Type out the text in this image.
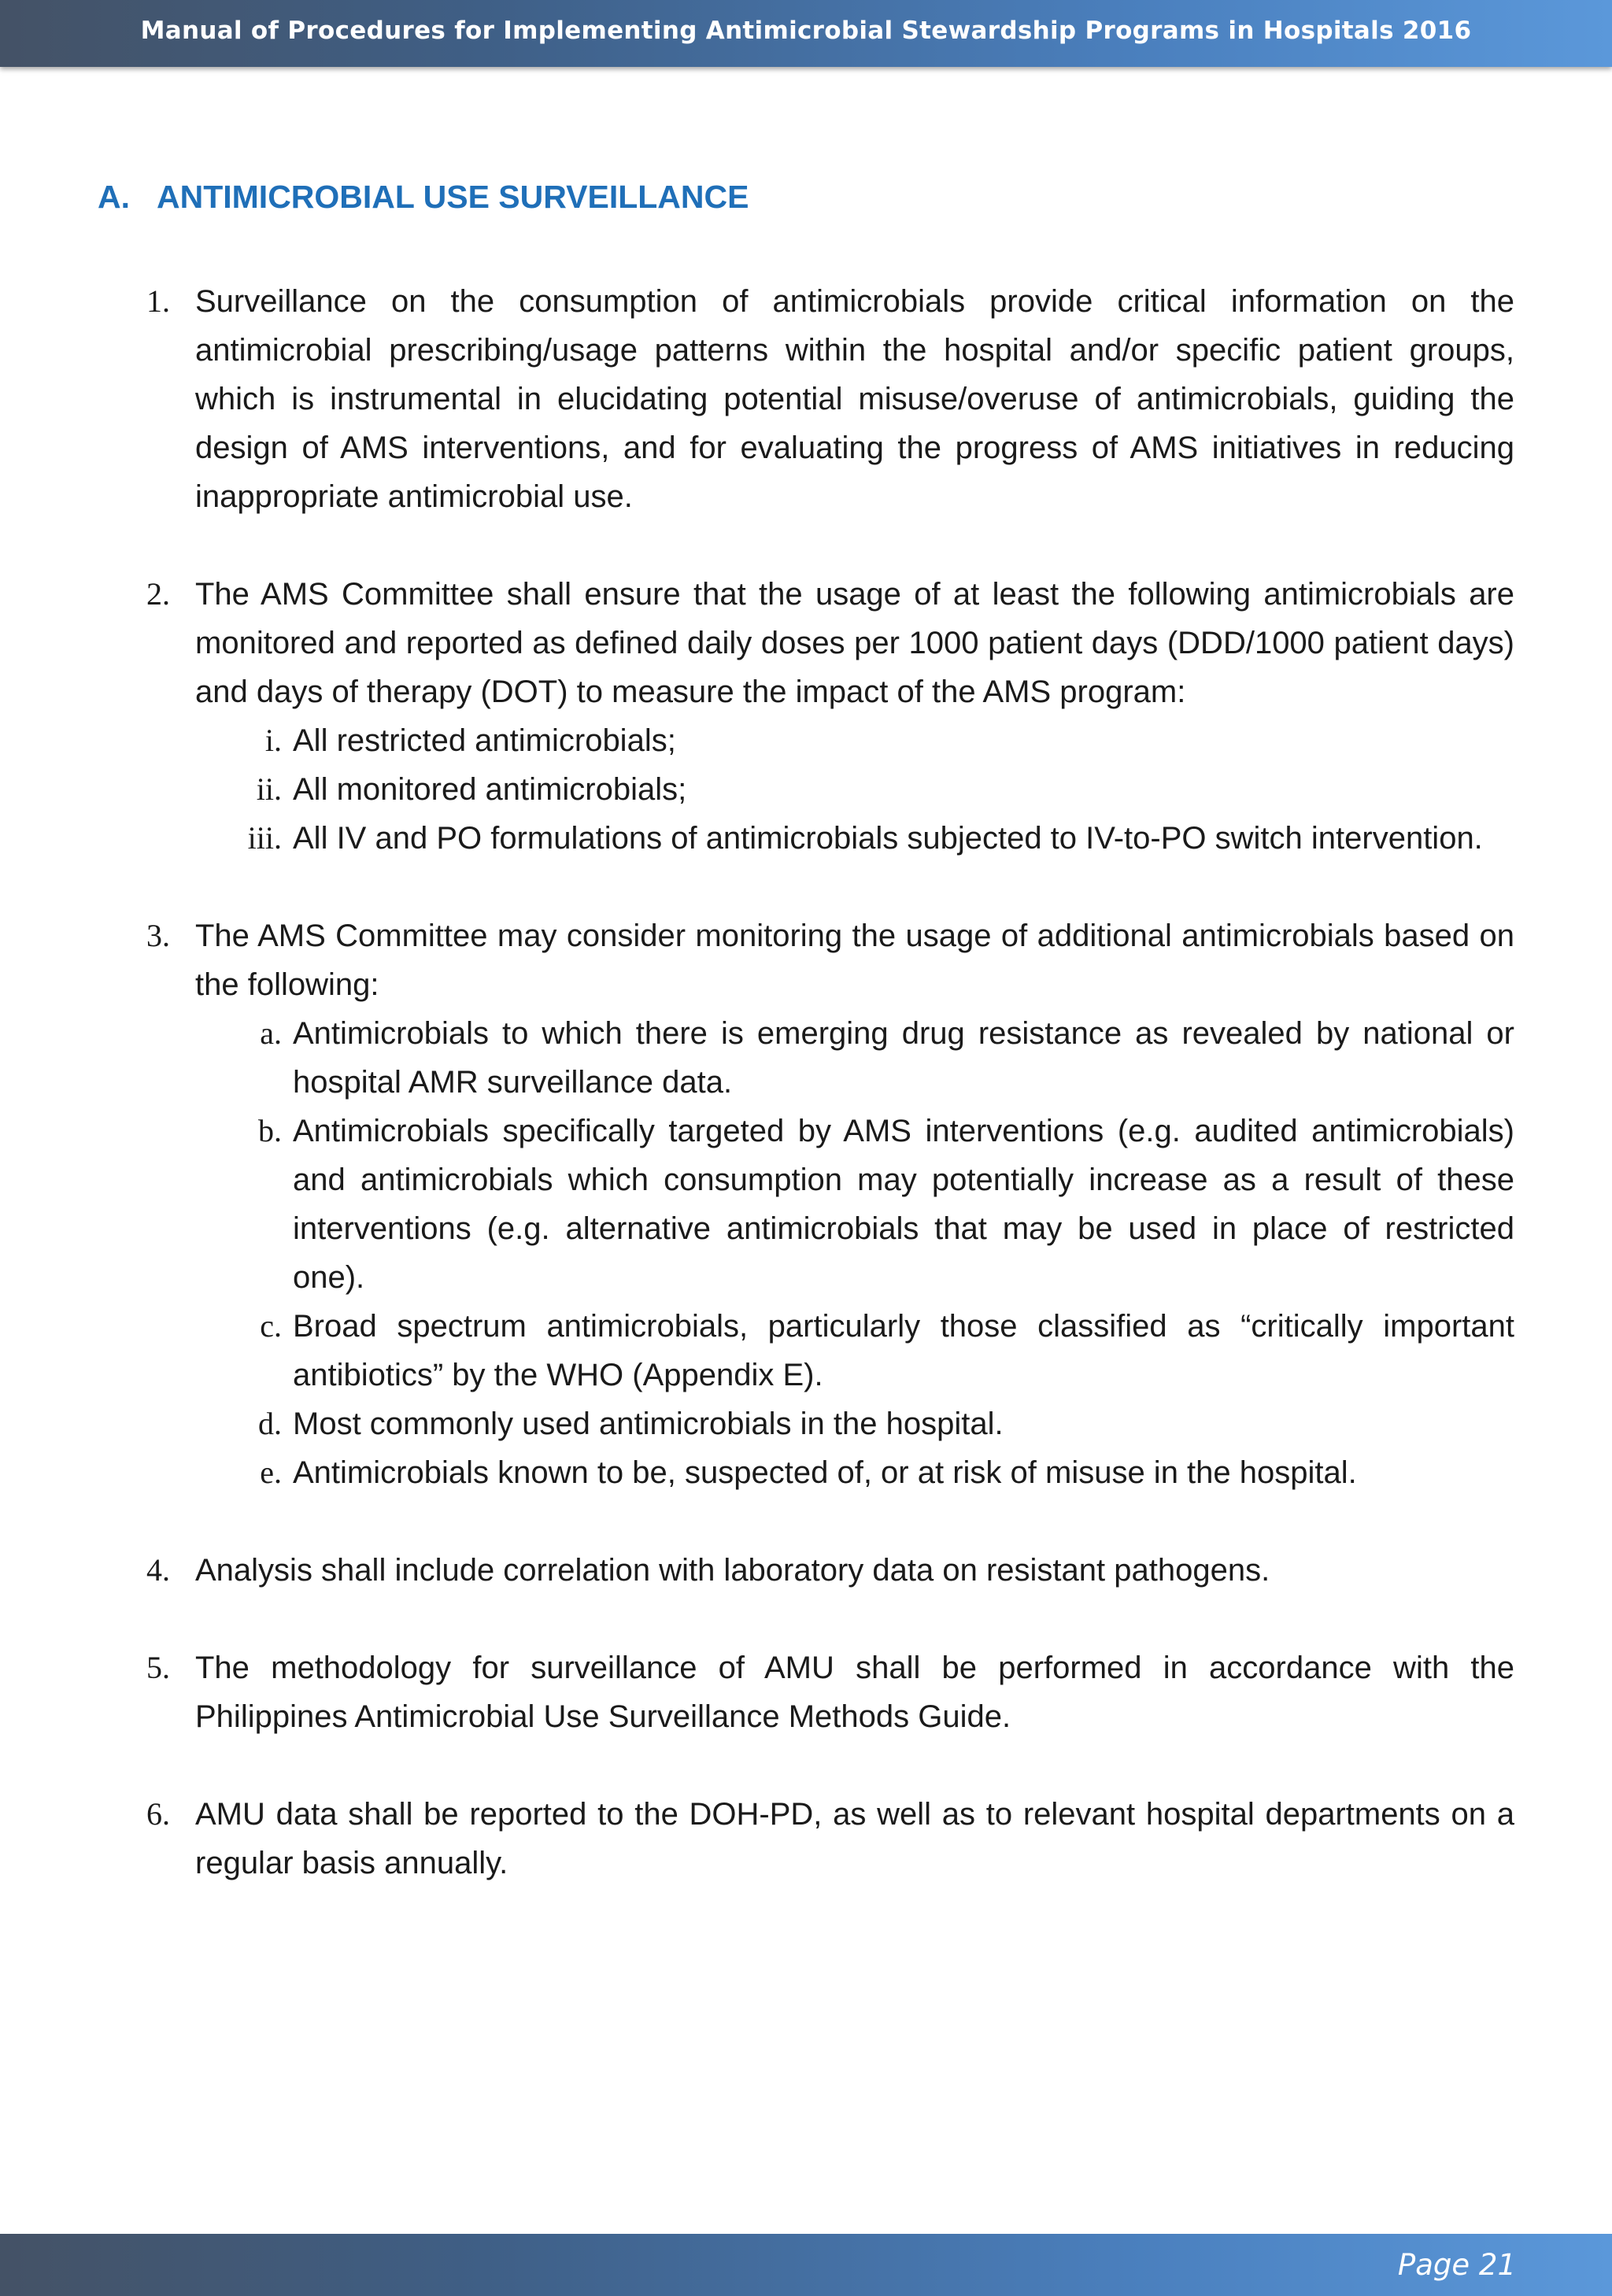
Manual of Procedures for Implementing Antimicrobial Stewardship Programs in Hospitals 2016
A. ANTIMICROBIAL USE SURVEILLANCE
1. Surveillance on the consumption of antimicrobials provide critical information on the antimicrobial prescribing/usage patterns within the hospital and/or specific patient groups, which is instrumental in elucidating potential misuse/overuse of antimicrobials, guiding the design of AMS interventions, and for evaluating the progress of AMS initiatives in reducing inappropriate antimicrobial use.
2. The AMS Committee shall ensure that the usage of at least the following antimicrobials are monitored and reported as defined daily doses per 1000 patient days (DDD/1000 patient days) and days of therapy (DOT) to measure the impact of the AMS program:
i. All restricted antimicrobials;
ii. All monitored antimicrobials;
iii. All IV and PO formulations of antimicrobials subjected to IV-to-PO switch intervention.
3. The AMS Committee may consider monitoring the usage of additional antimicrobials based on the following:
a. Antimicrobials to which there is emerging drug resistance as revealed by national or hospital AMR surveillance data.
b. Antimicrobials specifically targeted by AMS interventions (e.g. audited antimicrobials) and antimicrobials which consumption may potentially increase as a result of these interventions (e.g. alternative antimicrobials that may be used in place of restricted one).
c. Broad spectrum antimicrobials, particularly those classified as “critically important antibiotics” by the WHO (Appendix E).
d. Most commonly used antimicrobials in the hospital.
e. Antimicrobials known to be, suspected of, or at risk of misuse in the hospital.
4. Analysis shall include correlation with laboratory data on resistant pathogens.
5. The methodology for surveillance of AMU shall be performed in accordance with the Philippines Antimicrobial Use Surveillance Methods Guide.
6. AMU data shall be reported to the DOH-PD, as well as to relevant hospital departments on a regular basis annually.
Page 21
